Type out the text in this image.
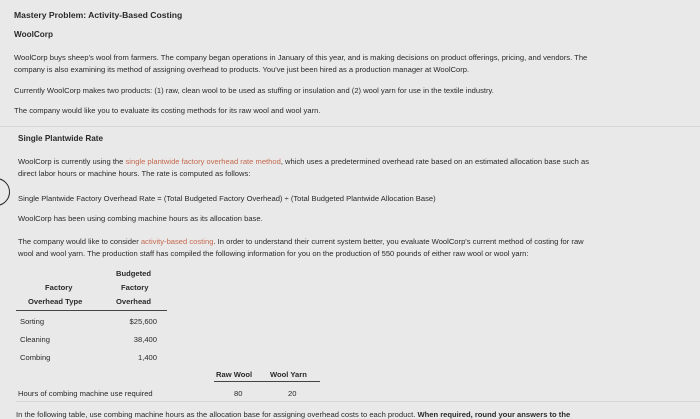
Mastery Problem: Activity-Based Costing
WoolCorp
WoolCorp buys sheep's wool from farmers. The company began operations in January of this year, and is making decisions on product offerings, pricing, and vendors. The
company is also examining its method of assigning overhead to products. You've just been hired as a production manager at WoolCorp.
Currently WoolCorp makes two products: (1) raw, clean wool to be used as stuffing or insulation and (2) wool yarn for use in the textile industry.
The company would like you to evaluate its costing methods for its raw wool and wool yarn.
Single Plantwide Rate
WoolCorp is currently using the single plantwide factory overhead rate method, which uses a predetermined overhead rate based on an estimated allocation base such as
direct labor hours or machine hours. The rate is computed as follows:
Single Plantwide Factory Overhead Rate = (Total Budgeted Factory Overhead) ÷ (Total Budgeted Plantwide Allocation Base)
WoolCorp has been using combing machine hours as its allocation base.
The company would like to consider activity-based costing. In order to understand their current system better, you evaluate WoolCorp's current method of costing for raw
wool and wool yarn. The production staff has compiled the following information for you on the production of 550 pounds of either raw wool or wool yarn:
Factory
Overhead Type
Budgeted
Factory
Overhead
Sorting	$25,600
Cleaning	38,400
Combing	1,400
Raw Wool Wool Yarn
Hours of combing machine use required	80	20
In the following table, use combing machine hours as the allocation base for assigning overhead costs to each product. When required, round your answers to the
